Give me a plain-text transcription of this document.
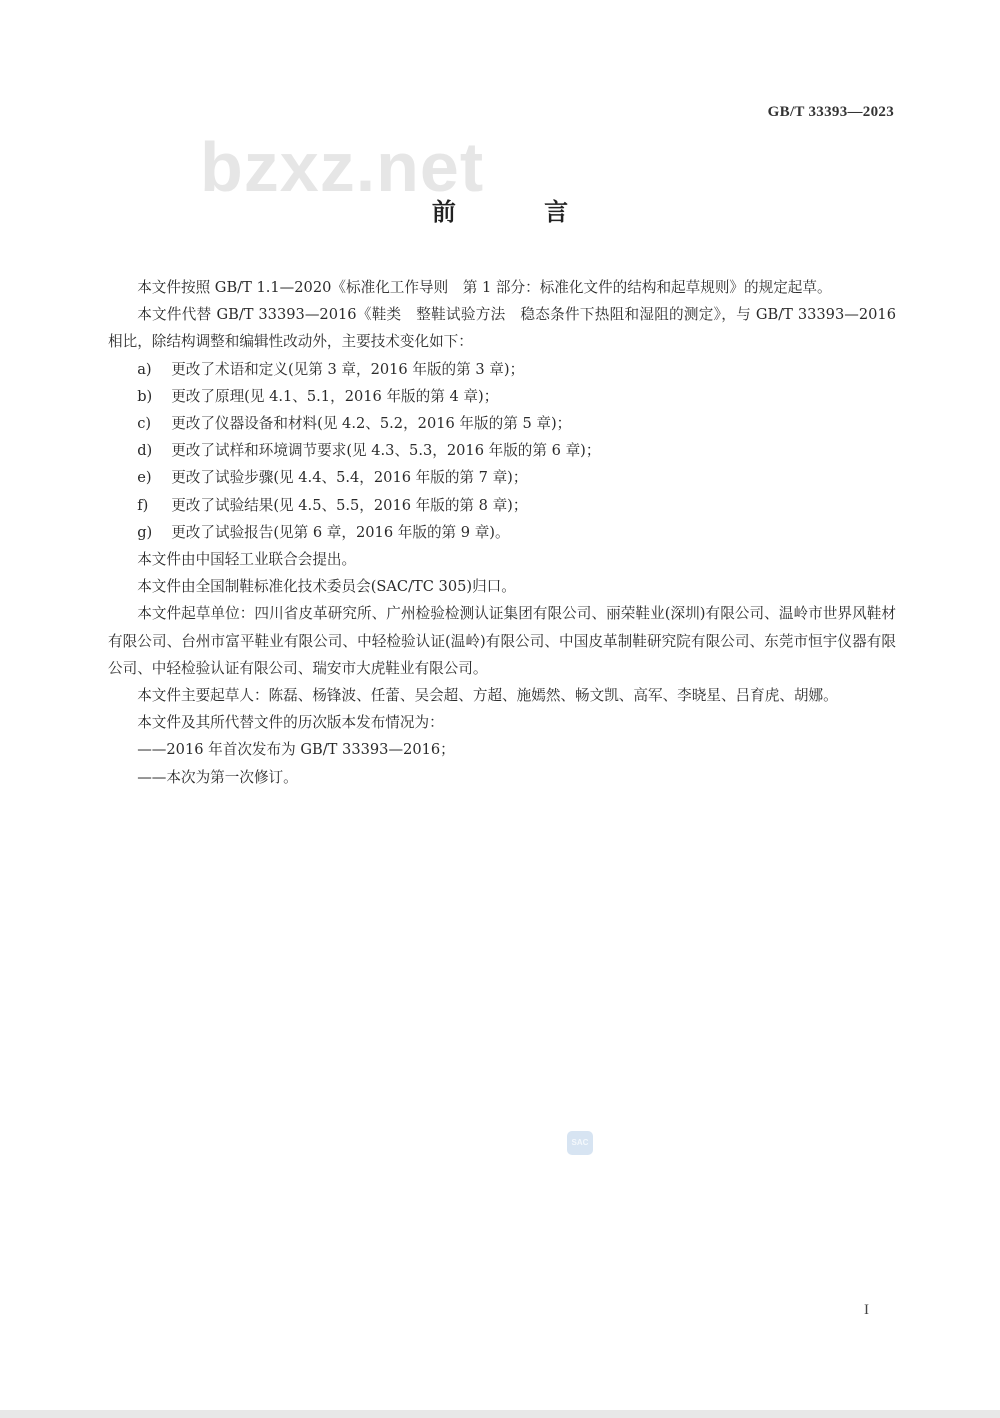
GB/T 33393—2023
bzxz.net
前 言

本文件按照 GB/T 1.1—2020《标准化工作导则　第 1 部分：标准化文件的结构和起草规则》的规定起草。

本文件代替 GB/T 33393—2016《鞋类　整鞋试验方法　稳态条件下热阻和湿阻的测定》，与 GB/T 33393—2016 相比，除结构调整和编辑性改动外，主要技术变化如下：

a) 更改了术语和定义(见第 3 章，2016 年版的第 3 章)；

b) 更改了原理(见 4.1、5.1，2016 年版的第 4 章)；

c) 更改了仪器设备和材料(见 4.2、5.2，2016 年版的第 5 章)；

d) 更改了试样和环境调节要求(见 4.3、5.3，2016 年版的第 6 章)；

e) 更改了试验步骤(见 4.4、5.4，2016 年版的第 7 章)；

f) 更改了试验结果(见 4.5、5.5，2016 年版的第 8 章)；

g) 更改了试验报告(见第 6 章，2016 年版的第 9 章)。

本文件由中国轻工业联合会提出。

本文件由全国制鞋标准化技术委员会(SAC/TC 305)归口。

本文件起草单位：四川省皮革研究所、广州检验检测认证集团有限公司、丽荣鞋业(深圳)有限公司、温岭市世界风鞋材有限公司、台州市富平鞋业有限公司、中轻检验认证(温岭)有限公司、中国皮革制鞋研究院有限公司、东莞市恒宇仪器有限公司、中轻检验认证有限公司、瑞安市大虎鞋业有限公司。

本文件主要起草人：陈磊、杨锋波、任蕾、吴会超、方超、施嫣然、畅文凯、高军、李晓星、吕育虎、胡娜。

本文件及其所代替文件的历次版本发布情况为：

——2016 年首次发布为 GB/T 33393—2016；

——本次为第一次修订。

SAC
I
